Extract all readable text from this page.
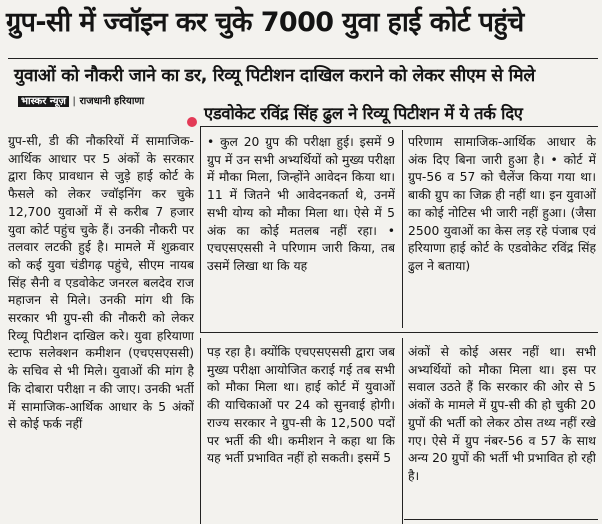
ग्रुप-सी में ज्वॉइन कर चुके 7000 युवा हाई कोर्ट पहुंचे
युवाओं को नौकरी जाने का डर, रिव्यू पिटीशन दाखिल कराने को लेकर सीएम से मिले
भास्कर न्यूज़ | राजधानी हरियाणा
एडवोकेट रविंद्र सिंह ढुल ने रिव्यू पिटीशन में ये तर्क दिए

• कुल 20 ग्रुप की परीक्षा हुई। इसमें 9 ग्रुप में उन सभी अभ्यर्थियों को मुख्य परीक्षा में मौका मिला, जिन्होंने आवेदन किया था। 11 में जितने भी आवेदनकर्ता थे, उनमें सभी योग्य को मौका मिला था। ऐसे में 5 अंक का कोई मतलब नहीं रहा। • एचएसएससी ने परिणाम जारी किया, तब उसमें लिखा था कि यह

परिणाम सामाजिक-आर्थिक आधार के अंक दिए बिना जारी हुआ है। • कोर्ट में ग्रुप-56 व 57 को चैलेंज किया गया था। बाकी ग्रुप का जिक्र ही नहीं था। इन युवाओं का कोई नोटिस भी जारी नहीं हुआ। (जैसा 2500 युवाओं का केस लड़ रहे पंजाब एवं हरियाणा हाई कोर्ट के एडवोकेट रविंद्र सिंह ढुल ने बताया)

ग्रुप-सी, डी की नौकरियों में सामाजिक-आर्थिक आधार पर 5 अंकों के सरकार द्वारा किए प्रावधान से जुड़े हाई कोर्ट के फैसले को लेकर ज्वॉइनिंग कर चुके 12,700 युवाओं में से करीब 7 हजार युवा कोर्ट पहुंच चुके हैं। उनकी नौकरी पर तलवार लटकी हुई है। मामले में शुक्रवार को कई युवा चंडीगढ़ पहुंचे, सीएम नायब सिंह सैनी व एडवोकेट जनरल बलदेव राज महाजन से मिले। उनकी मांग थी कि सरकार भी ग्रुप-सी की नौकरी को लेकर रिव्यू पिटीशन दाखिल करे। युवा हरियाणा स्टाफ सलेक्शन कमीशन (एचएसएससी) के सचिव से भी मिले। युवाओं की मांग है कि दोबारा परीक्षा न की जाए। उनकी भर्ती में सामाजिक-आर्थिक आधार के 5 अंकों से कोई फर्क नहीं

पड़ रहा है। क्योंकि एचएसएससी द्वारा जब मुख्य परीक्षा आयोजित कराई गई तब सभी को मौका मिला था। हाई कोर्ट में युवाओं की याचिकाओं पर 24 को सुनवाई होगी। राज्य सरकार ने ग्रुप-सी के 12,500 पदों पर भर्ती की थी। कमीशन ने कहा था कि यह भर्ती प्रभावित नहीं हो सकती। इसमें 5

अंकों से कोई असर नहीं था। सभी अभ्यर्थियों को मौका मिला था। इस पर सवाल उठते हैं कि सरकार की ओर से 5 अंकों के मामले में ग्रुप-सी की हो चुकी 20 ग्रुपों की भर्ती को लेकर ठोस तथ्य नहीं रखे गए। ऐसे में ग्रुप नंबर-56 व 57 के साथ अन्य 20 ग्रुपों की भर्ती भी प्रभावित हो रही है।
